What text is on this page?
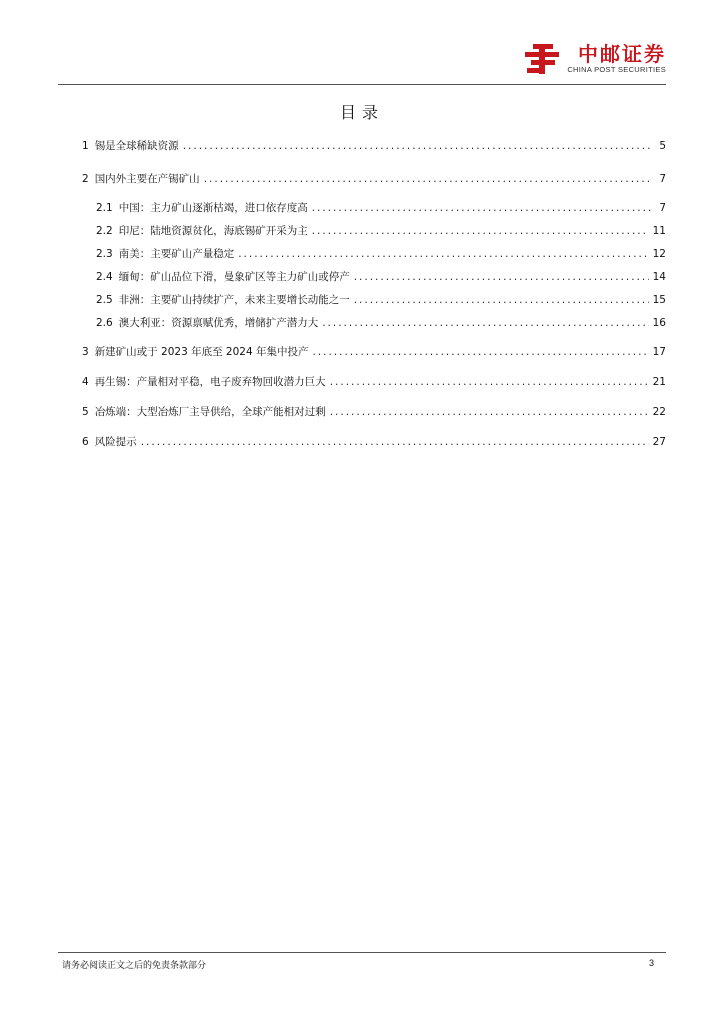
中邮证券
CHINA POST SECURITIES
目录
1 锡是全球稀缺资源 .....	5
2 国内外主要在产锡矿山 .....	7
2.1 中国：主力矿山逐渐枯竭，进口依存度高 .....	7
2.2 印尼：陆地资源贫化，海底锡矿开采为主 .....	11
2.3 南美：主要矿山产量稳定 .....	12
2.4 缅甸：矿山品位下滑，曼象矿区等主力矿山或停产 .....	14
2.5 非洲：主要矿山持续扩产，未来主要增长动能之一 .....	15
2.6 澳大利亚：资源禀赋优秀，增储扩产潜力大 .....	16
3 新建矿山或于 2023 年底至 2024 年集中投产 .....	17
4 再生锡：产量相对平稳，电子废弃物回收潜力巨大 .....	21
5 冶炼端：大型冶炼厂主导供给，全球产能相对过剩 .....	22
6 风险提示 .....	27
请务必阅读正文之后的免责条款部分	3
